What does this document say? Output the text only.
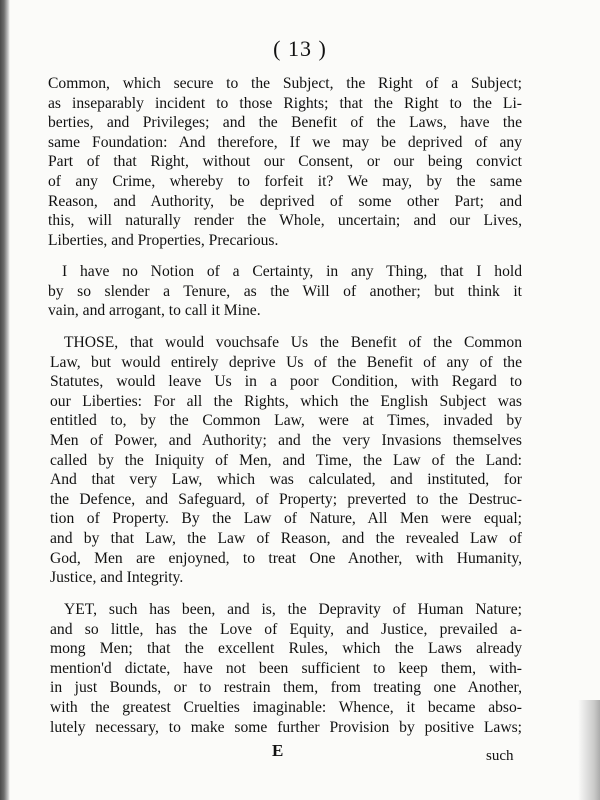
( 13 )
Common, which secure to the Subject, the Right of a Subject;
as inseparably incident to those Rights; that the Right to the Li-
berties, and Privileges; and the Benefit of the Laws, have the
same Foundation: And therefore, If we may be deprived of any
Part of that Right, without our Consent, or our being convict
of any Crime, whereby to forfeit it? We may, by the same
Reason, and Authority, be deprived of some other Part; and
this, will naturally render the Whole, uncertain; and our Lives,
Liberties, and Properties, Precarious.
I have no Notion of a Certainty, in any Thing, that I hold
by so slender a Tenure, as the Will of another; but think it
vain, and arrogant, to call it Mine.
THOSE, that would vouchsafe Us the Benefit of the Common
Law, but would entirely deprive Us of the Benefit of any of the
Statutes, would leave Us in a poor Condition, with Regard to
our Liberties: For all the Rights, which the English Subject was
entitled to, by the Common Law, were at Times, invaded by
Men of Power, and Authority; and the very Invasions themselves
called by the Iniquity of Men, and Time, the Law of the Land:
And that very Law, which was calculated, and instituted, for
the Defence, and Safeguard, of Property; preverted to the Destruc-
tion of Property. By the Law of Nature, All Men were equal;
and by that Law, the Law of Reason, and the revealed Law of
God, Men are enjoyned, to treat One Another, with Humanity,
Justice, and Integrity.
YET, such has been, and is, the Depravity of Human Nature;
and so little, has the Love of Equity, and Justice, prevailed a-
mong Men; that the excellent Rules, which the Laws already
mention'd dictate, have not been sufficient to keep them, with-
in just Bounds, or to restrain them, from treating one Another,
with the greatest Cruelties imaginable: Whence, it became abso-
lutely necessary, to make some further Provision by positive Laws;
E	such
